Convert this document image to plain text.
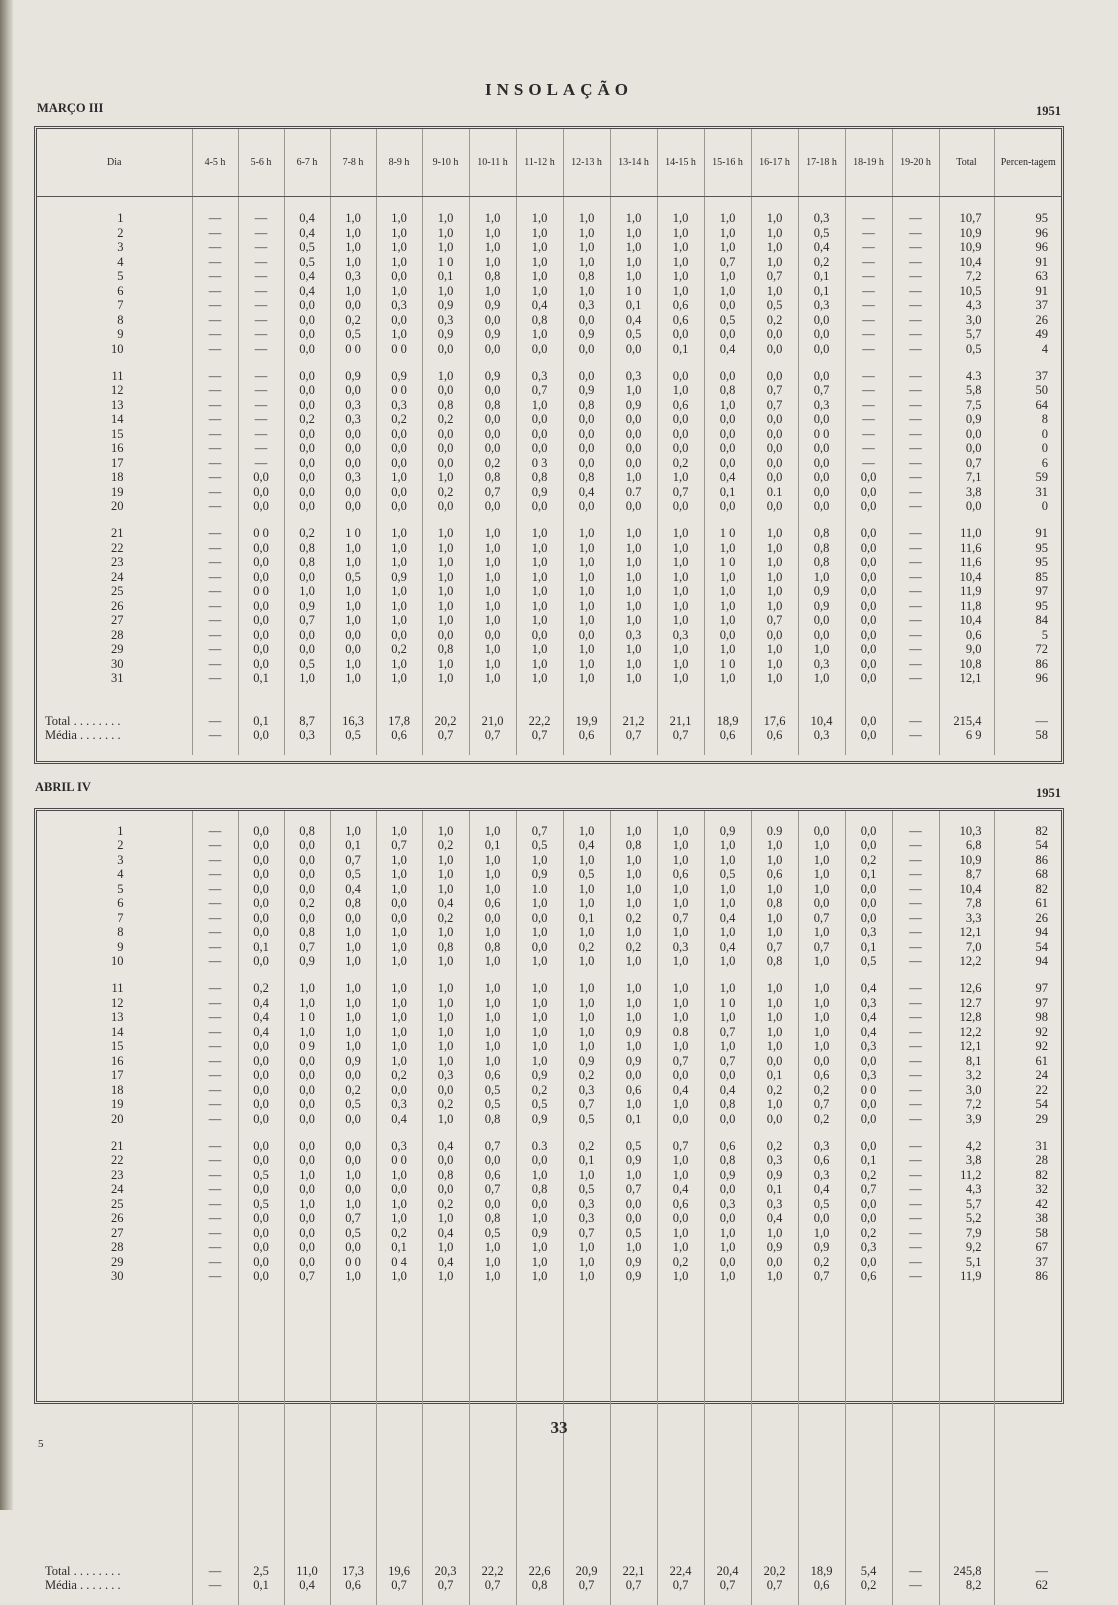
INSOLAÇÃO
MARÇO III	1951
Dia	4-5 h	5-6 h	6-7 h	7-8 h	8-9 h	9-10 h	10-11 h	11-12 h	12-13 h	13-14 h	14-15 h	15-16 h	16-17 h	17-18 h	18-19 h	19-20 h	Total	Percen-tagem

1	—	—	0,4	1,0	1,0	1,0	1,0	1,0	1,0	1,0	1,0	1,0	1,0	0,3	—	—	10,7	95
2	—	—	0,4	1,0	1,0	1,0	1,0	1,0	1,0	1,0	1,0	1,0	1,0	0,5	—	—	10,9	96
3	—	—	0,5	1,0	1,0	1,0	1,0	1,0	1,0	1,0	1,0	1,0	1,0	0,4	—	—	10,9	96
4	—	—	0,5	1,0	1,0	1 0	1,0	1,0	1,0	1,0	1,0	0,7	1,0	0,2	—	—	10,4	91
5	—	—	0,4	0,3	0,0	0,1	0,8	1,0	0,8	1,0	1,0	1,0	0,7	0,1	—	—	7,2	63
6	—	—	0,4	1,0	1,0	1,0	1,0	1,0	1,0	1 0	1,0	1,0	1,0	0,1	—	—	10,5	91
7	—	—	0,0	0,0	0,3	0,9	0,9	0,4	0,3	0,1	0,6	0,0	0,5	0,3	—	—	4,3	37
8	—	—	0,0	0,2	0,0	0,3	0,0	0,8	0,0	0,4	0,6	0,5	0,2	0,0	—	—	3,0	26
9	—	—	0,0	0,5	1,0	0,9	0,9	1,0	0,9	0,5	0,0	0,0	0,0	0,0	—	—	5,7	49
10	—	—	0,0	0 0	0 0	0,0	0,0	0,0	0,0	0,0	0,1	0,4	0,0	0,0	—	—	0,5	4

11	—	—	0,0	0,9	0,9	1,0	0,9	0,3	0,0	0,3	0,0	0,0	0,0	0,0	—	—	4.3	37
12	—	—	0,0	0,0	0 0	0,0	0,0	0,7	0,9	1,0	1,0	0,8	0,7	0,7	—	—	5,8	50
13	—	—	0,0	0,3	0,3	0,8	0,8	1,0	0,8	0,9	0,6	1,0	0,7	0,3	—	—	7,5	64
14	—	—	0,2	0,3	0,2	0,2	0,0	0,0	0,0	0,0	0,0	0,0	0,0	0,0	—	—	0,9	8
15	—	—	0,0	0,0	0,0	0,0	0,0	0,0	0,0	0,0	0,0	0,0	0,0	0 0	—	—	0,0	0
16	—	—	0,0	0,0	0,0	0,0	0,0	0,0	0,0	0,0	0,0	0,0	0,0	0,0	—	—	0,0	0
17	—	—	0,0	0,0	0,0	0,0	0,2	0 3	0,0	0,0	0,2	0,0	0,0	0,0	—	—	0,7	6
18	—	0,0	0,0	0,3	1,0	1,0	0,8	0,8	0,8	1,0	1,0	0,4	0,0	0,0	0,0	—	7,1	59
19	—	0,0	0,0	0,0	0,0	0,2	0,7	0,9	0,4	0.7	0,7	0,1	0.1	0,0	0,0	—	3,8	31
20	—	0,0	0,0	0,0	0,0	0,0	0,0	0,0	0,0	0,0	0,0	0,0	0,0	0,0	0,0	—	0,0	0

21	—	0 0	0,2	1 0	1,0	1,0	1,0	1,0	1,0	1,0	1,0	1 0	1,0	0,8	0,0	—	11,0	91
22	—	0,0	0,8	1,0	1,0	1,0	1,0	1,0	1,0	1,0	1,0	1,0	1,0	0,8	0,0	—	11,6	95
23	—	0,0	0,8	1,0	1,0	1,0	1,0	1,0	1,0	1,0	1,0	1 0	1,0	0,8	0,0	—	11,6	95
24	—	0,0	0,0	0,5	0,9	1,0	1,0	1,0	1,0	1,0	1,0	1,0	1,0	1,0	0,0	—	10,4	85
25	—	0 0	1,0	1,0	1,0	1,0	1,0	1,0	1,0	1,0	1,0	1,0	1,0	0,9	0,0	—	11,9	97
26	—	0,0	0,9	1,0	1,0	1,0	1,0	1,0	1,0	1,0	1,0	1,0	1,0	0,9	0,0	—	11,8	95
27	—	0,0	0,7	1,0	1,0	1,0	1,0	1,0	1,0	1,0	1,0	1,0	0,7	0,0	0,0	—	10,4	84
28	—	0,0	0,0	0,0	0,0	0,0	0,0	0,0	0,0	0,3	0,3	0,0	0,0	0,0	0,0	—	0,6	5
29	—	0,0	0,0	0,0	0,2	0,8	1,0	1,0	1,0	1,0	1,0	1,0	1,0	1,0	0,0	—	9,0	72
30	—	0,0	0,5	1,0	1,0	1,0	1,0	1,0	1,0	1,0	1,0	1 0	1,0	0,3	0,0	—	10,8	86
31	—	0,1	1,0	1,0	1,0	1,0	1,0	1,0	1,0	1,0	1,0	1,0	1,0	1,0	0,0	—	12,1	96

Total . . . . . . . .	—	0,1	8,7	16,3	17,8	20,2	21,0	22,2	19,9	21,2	21,1	18,9	17,6	10,4	0,0	—	215,4	—
Média . . . . . . .	—	0,0	0,3	0,5	0,6	0,7	0,7	0,7	0,6	0,7	0,7	0,6	0,6	0,3	0,0	—	6 9	58

ABRIL IV	1951

1	—	0,0	0,8	1,0	1,0	1,0	1,0	0,7	1,0	1,0	1,0	0,9	0.9	0,0	0,0	—	10,3	82
2	—	0,0	0,0	0,1	0,7	0,2	0,1	0,5	0,4	0,8	1,0	1,0	1,0	1,0	0,0	—	6,8	54
3	—	0,0	0,0	0,7	1,0	1,0	1,0	1,0	1,0	1,0	1,0	1,0	1,0	1,0	0,2	—	10,9	86
4	—	0,0	0,0	0,5	1,0	1,0	1,0	0,9	0,5	1,0	0,6	0,5	0,6	1,0	0,1	—	8,7	68
5	—	0,0	0,0	0,4	1,0	1,0	1,0	1.0	1,0	1,0	1,0	1,0	1,0	1,0	0,0	—	10,4	82
6	—	0,0	0,2	0,8	0,0	0,4	0,6	1,0	1,0	1,0	1,0	1,0	0,8	0,0	0,0	—	7,8	61
7	—	0,0	0,0	0,0	0,0	0,2	0,0	0,0	0,1	0,2	0,7	0,4	1,0	0,7	0,0	—	3,3	26
8	—	0,0	0,8	1,0	1,0	1,0	1,0	1,0	1,0	1,0	1,0	1,0	1,0	1,0	0,3	—	12,1	94
9	—	0,1	0,7	1,0	1,0	0,8	0,8	0,0	0,2	0,2	0,3	0,4	0,7	0,7	0,1	—	7,0	54
10	—	0,0	0,9	1,0	1,0	1,0	1,0	1,0	1,0	1,0	1,0	1,0	0,8	1,0	0,5	—	12,2	94

11	—	0,2	1,0	1,0	1,0	1,0	1,0	1,0	1,0	1,0	1,0	1,0	1,0	1,0	0,4	—	12,6	97
12	—	0,4	1,0	1,0	1,0	1,0	1,0	1,0	1,0	1,0	1,0	1 0	1,0	1,0	0,3	—	12.7	97
13	—	0,4	1 0	1,0	1,0	1,0	1,0	1,0	1,0	1,0	1,0	1,0	1,0	1,0	0,4	—	12,8	98
14	—	0,4	1,0	1,0	1,0	1,0	1,0	1,0	1,0	0,9	0.8	0,7	1,0	1,0	0,4	—	12,2	92
15	—	0,0	0 9	1,0	1,0	1,0	1,0	1,0	1,0	1,0	1,0	1,0	1,0	1,0	0,3	—	12,1	92
16	—	0,0	0,0	0,9	1,0	1,0	1,0	1,0	0,9	0,9	0,7	0,7	0,0	0,0	0,0	—	8,1	61
17	—	0,0	0,0	0,0	0,2	0,3	0,6	0,9	0,2	0,0	0,0	0,0	0,1	0,6	0,3	—	3,2	24
18	—	0,0	0,0	0,2	0,0	0,0	0,5	0,2	0,3	0,6	0,4	0,4	0,2	0,2	0 0	—	3,0	22
19	—	0,0	0,0	0,5	0,3	0,2	0,5	0,5	0,7	1,0	1,0	0,8	1,0	0,7	0,0	—	7,2	54
20	—	0,0	0,0	0,0	0,4	1,0	0,8	0,9	0,5	0,1	0,0	0,0	0,0	0,2	0,0	—	3,9	29

21	—	0,0	0,0	0,0	0,3	0,4	0,7	0.3	0,2	0,5	0,7	0,6	0,2	0,3	0,0	—	4,2	31
22	—	0,0	0,0	0,0	0 0	0,0	0,0	0,0	0,1	0,9	1,0	0,8	0,3	0,6	0,1	—	3,8	28
23	—	0,5	1,0	1,0	1,0	0,8	0,6	1,0	1,0	1,0	1,0	0,9	0,9	0,3	0,2	—	11,2	82
24	—	0,0	0,0	0,0	0,0	0,0	0,7	0,8	0,5	0,7	0,4	0,0	0,1	0,4	0,7	—	4,3	32
25	—	0,5	1,0	1,0	1,0	0,2	0,0	0,0	0,3	0,0	0,6	0,3	0,3	0,5	0,0	—	5,7	42
26	—	0,0	0,0	0,7	1,0	1,0	0,8	1,0	0,3	0,0	0,0	0,0	0,4	0,0	0,0	—	5,2	38
27	—	0,0	0,0	0,5	0,2	0,4	0,5	0,9	0,7	0,5	1,0	1,0	1,0	1,0	0,2	—	7,9	58
28	—	0,0	0,0	0,0	0,1	1,0	1,0	1,0	1,0	1,0	1,0	1,0	0,9	0,9	0,3	—	9,2	67
29	—	0,0	0,0	0 0	0 4	0,4	1,0	1,0	1,0	0,9	0,2	0,0	0,0	0,2	0,0	—	5,1	37
30	—	0,0	0,7	1,0	1,0	1,0	1,0	1,0	1,0	0,9	1,0	1,0	1,0	0,7	0,6	—	11,9	86

Total . . . . . . . .	—	2,5	11,0	17,3	19,6	20,3	22,2	22,6	20,9	22,1	22,4	20,4	20,2	18,9	5,4	—	245,8	—
Média . . . . . . .	—	0,1	0,4	0,6	0,7	0,7	0,7	0,8	0,7	0,7	0,7	0,7	0,7	0,6	0,2	—	8,2	62

33
5
